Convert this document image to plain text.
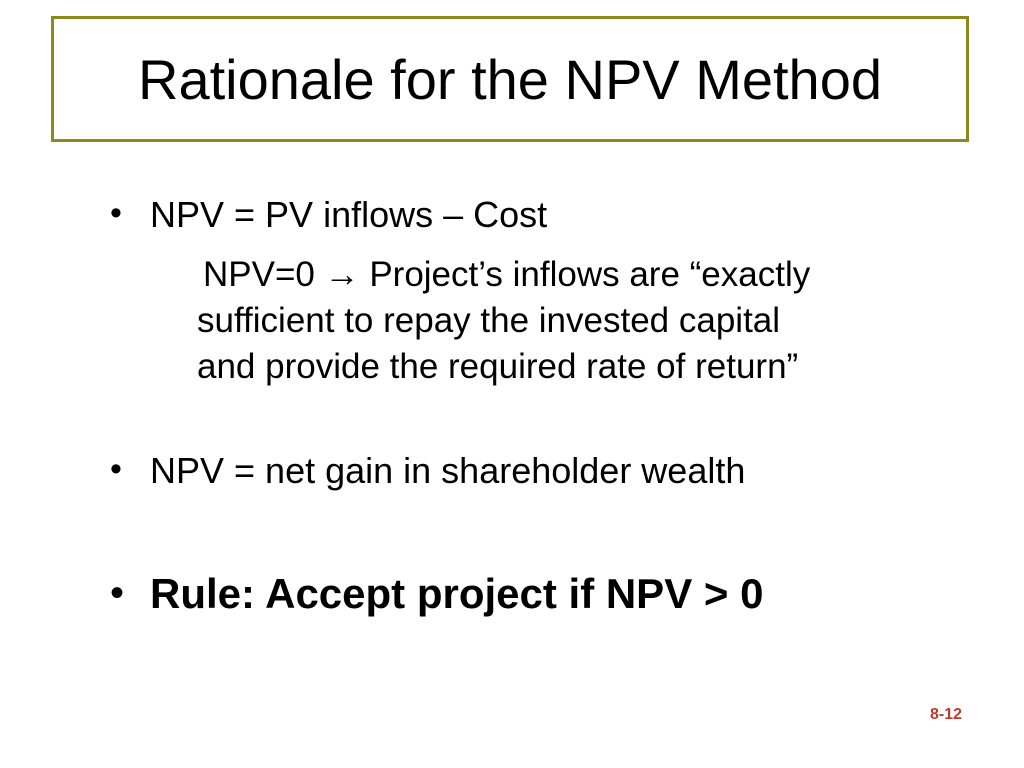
Rationale for the NPV Method
• NPV = PV inflows – Cost
NPV=0 → Project’s inflows are “exactly
sufficient to repay the invested capital
and provide the required rate of return”
• NPV = net gain in shareholder wealth
• Rule: Accept project if NPV > 0
8-12
